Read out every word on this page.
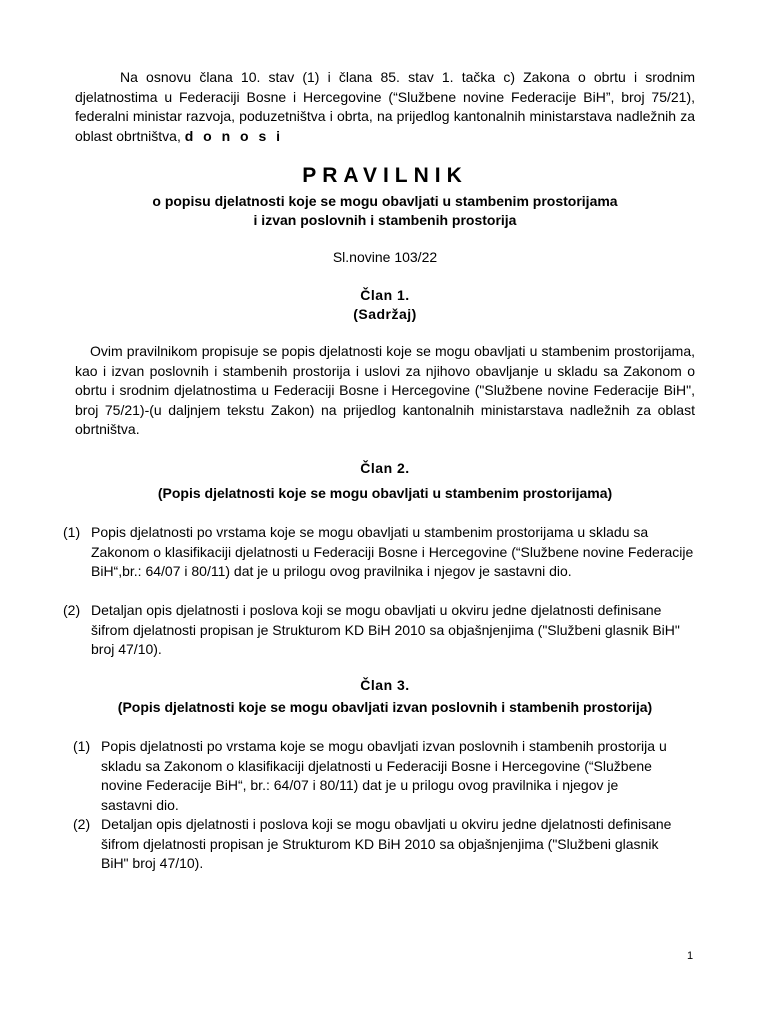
Na osnovu člana 10. stav (1) i člana 85. stav 1. tačka c) Zakona o obrtu i srodnim djelatnostima u Federaciji Bosne i Hercegovine (“Službene novine Federacije BiH”, broj 75/21), federalni ministar razvoja, poduzetništva i obrta, na prijedlog kantonalnih ministarstava nadležnih za oblast obrtništva, d o n o s i
PRAVILNIK
o popisu djelatnosti koje se mogu obavljati u stambenim prostorijama
i izvan poslovnih i stambenih prostorija
Sl.novine 103/22
Član 1.
(Sadržaj)
Ovim pravilnikom propisuje se popis djelatnosti koje se mogu obavljati u stambenim prostorijama, kao i izvan poslovnih i stambenih prostorija i uslovi za njihovo obavljanje u skladu sa Zakonom o obrtu i srodnim djelatnostima u Federaciji Bosne i Hercegovine ("Službene novine Federacije BiH", broj 75/21)-(u daljnjem tekstu Zakon) na prijedlog kantonalnih ministarstava nadležnih za oblast obrtništva.
Član 2.
(Popis djelatnosti koje se mogu obavljati u stambenim prostorijama)
(1) Popis djelatnosti po vrstama koje se mogu obavljati u stambenim prostorijama u skladu sa Zakonom o klasifikaciji djelatnosti u Federaciji Bosne i Hercegovine (“Službene novine Federacije BiH“,br.: 64/07 i 80/11) dat je u prilogu ovog pravilnika i njegov je sastavni dio.
(2) Detaljan opis djelatnosti i poslova koji se mogu obavljati u okviru jedne djelatnosti definisane šifrom djelatnosti propisan je Strukturom KD BiH 2010 sa objašnjenjima ("Službeni glasnik BiH" broj 47/10).
Član 3.
(Popis djelatnosti koje se mogu obavljati izvan poslovnih i stambenih prostorija)
(1) Popis djelatnosti po vrstama koje se mogu obavljati izvan poslovnih i stambenih prostorija u skladu sa Zakonom o klasifikaciji djelatnosti u Federaciji Bosne i Hercegovine (“Službene novine Federacije BiH“, br.: 64/07 i 80/11) dat je u prilogu ovog pravilnika i njegov je sastavni dio.
(2) Detaljan opis djelatnosti i poslova koji se mogu obavljati u okviru jedne djelatnosti definisane šifrom djelatnosti propisan je Strukturom KD BiH 2010 sa objašnjenjima ("Službeni glasnik BiH" broj 47/10).
1
